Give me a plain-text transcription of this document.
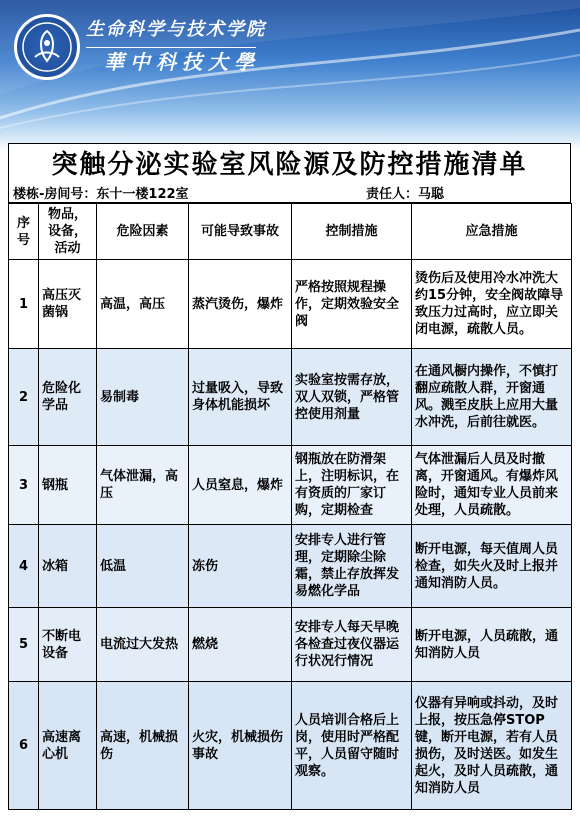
生命科学与技术学院
華中科技大學
突触分泌实验室风险源及防控措施清单
楼栋-房间号：东十一楼122室	责任人：马聪
序号	物品，设备，活动	危险因素	可能导致事故	控制措施	应急措施
1	高压灭菌锅	高温，高压	蒸汽烫伤，爆炸	严格按照规程操作，定期效验安全阀	烫伤后及使用冷水冲洗大约15分钟，安全阀故障导致压力过高时，应立即关闭电源，疏散人员。
2	危险化学品	易制毒	过量吸入，导致身体机能损坏	实验室按需存放，双人双锁，严格管控使用剂量	在通风橱内操作，不慎打翻应疏散人群，开窗通风。溅至皮肤上应用大量水冲洗，后前往就医。
3	钢瓶	气体泄漏，高压	人员窒息，爆炸	钢瓶放在防滑架上，注明标识，在有资质的厂家订购，定期检查	气体泄漏后人员及时撤离，开窗通风。有爆炸风险时，通知专业人员前来处理，人员疏散。
4	冰箱	低温	冻伤	安排专人进行管理，定期除尘除霜，禁止存放挥发易燃化学品	断开电源，每天值周人员检查，如失火及时上报并通知消防人员。
5	不断电设备	电流过大发热	燃烧	安排专人每天早晚各检查过夜仪器运行状况行情况	断开电源，人员疏散，通知消防人员
6	高速离心机	高速，机械损伤	火灾，机械损伤事故	人员培训合格后上岗，使用时严格配平，人员留守随时观察。	仪器有异响或抖动，及时上报，按压急停STOP键，断开电源，若有人员损伤，及时送医。如发生起火，及时人员疏散，通知消防人员
